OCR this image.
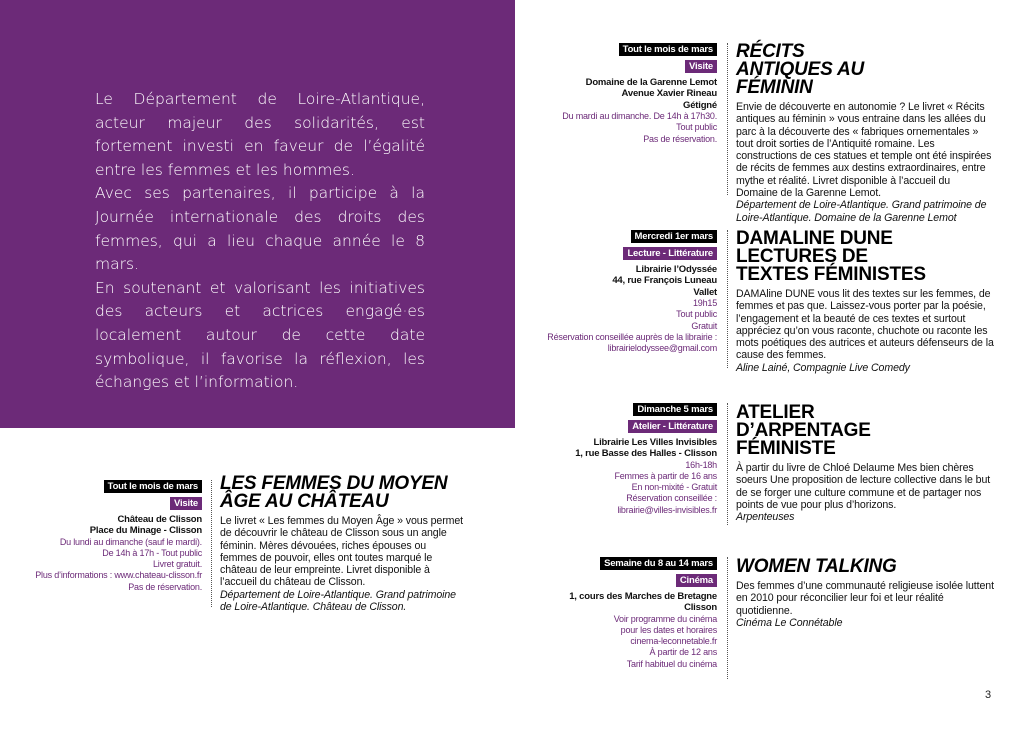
Le Département de Loire-Atlantique, acteur majeur des solidarités, est fortement investi en faveur de l’égalité entre les femmes et les hommes.

Avec ses partenaires, il participe à la Journée internationale des droits des femmes, qui a lieu chaque année le 8 mars.

En soutenant et valorisant les initiatives des acteurs et actrices engagé·es localement autour de cette date symbolique, il favorise la réflexion, les échanges et l’information.

Tout le mois de mars
Visite
Domaine de la Garenne Lemot
Avenue Xavier Rineau
Gétigné
Du mardi au dimanche. De 14h à 17h30.
Tout public
Pas de réservation.
RÉCITS ANTIQUES AU FÉMININ

Envie de découverte en autonomie ? Le livret « Récits antiques au féminin » vous entraine dans les allées du parc à la découverte des « fabriques ornementales » tout droit sorties de l’Antiquité romaine. Les constructions de ces statues et temple ont été inspirées de récits de femmes aux destins extraordinaires, entre mythe et réalité. Livret disponible à l’accueil du Domaine de la Garenne Lemot.

Département de Loire-Atlantique. Grand patrimoine de Loire-Atlantique. Domaine de la Garenne Lemot

Mercredi 1er mars
Lecture - Littérature
Librairie l’Odyssée
44, rue François Luneau
Vallet
19h15
Tout public
Gratuit
Réservation conseillée auprès de la librairie :
librairielodyssee@gmail.com
DAMALINE DUNE LECTURES DE TEXTES FÉMINISTES

DAMAline DUNE vous lit des textes sur les femmes, de femmes et pas que. Laissez-vous porter par la poésie, l’engagement et la beauté de ces textes et surtout appréciez qu’on vous raconte, chuchote ou raconte les mots poétiques des autrices et auteurs défenseurs de la cause des femmes.

Aline Lainé, Compagnie Live Comedy

Dimanche 5 mars
Atelier - Littérature
Librairie Les Villes Invisibles
1, rue Basse des Halles - Clisson
16h-18h
Femmes à partir de 16 ans
En non-mixité - Gratuit
Réservation conseillée :
librairie@villes-invisibles.fr
ATELIER D’ARPENTAGE FÉMINISTE

À partir du livre de Chloé Delaume Mes bien chères soeurs Une proposition de lecture collective dans le but de se forger une culture commune et de partager nos points de vue pour plus d’horizons.

Arpenteuses

Semaine du 8 au 14 mars
Cinéma
1, cours des Marches de Bretagne
Clisson
Voir programme du cinéma
pour les dates et horaires
cinema-leconnetable.fr
À partir de 12 ans
Tarif habituel du cinéma
WOMEN TALKING

Des femmes d’une communauté religieuse isolée luttent en 2010 pour réconcilier leur foi et leur réalité quotidienne.

Cinéma Le Connétable

Tout le mois de mars
Visite
Château de Clisson
Place du Minage - Clisson
Du lundi au dimanche (sauf le mardi).
De 14h à 17h - Tout public
Livret gratuit.
Plus d’informations : www.chateau-clisson.fr
Pas de réservation.
LES FEMMES DU MOYEN ÂGE AU CHÂTEAU

Le livret « Les femmes du Moyen Âge » vous permet de découvrir le château de Clisson sous un angle féminin. Mères dévouées, riches épouses ou femmes de pouvoir, elles ont toutes marqué le château de leur empreinte. Livret disponible à l’accueil du château de Clisson.

Département de Loire-Atlantique. Grand patrimoine de Loire-Atlantique. Château de Clisson.

3
